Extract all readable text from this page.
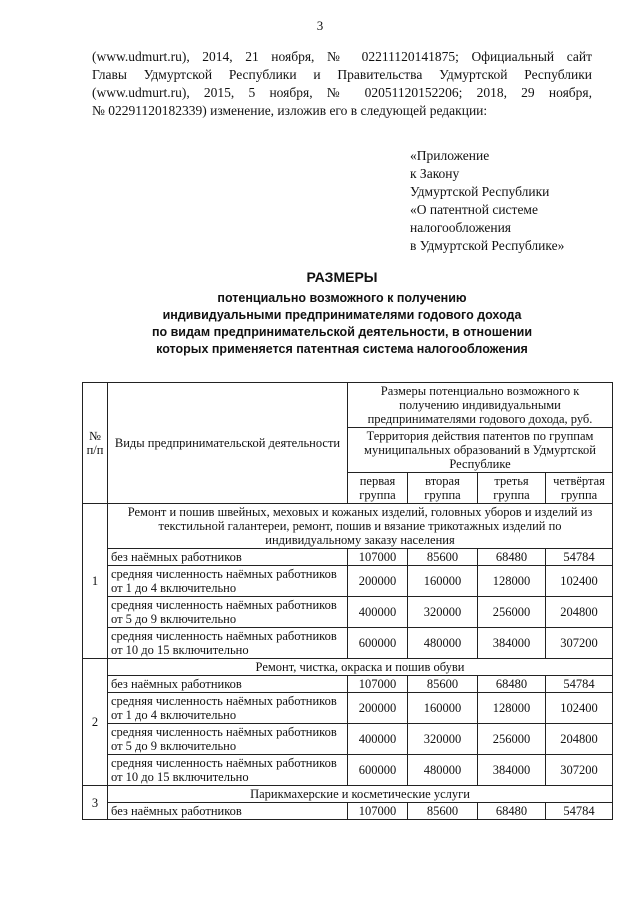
3
(www.udmurt.ru), 2014, 21 ноября, № 02211120141875; Официальный сайт
Главы Удмуртской Республики и Правительства Удмуртской Республики
(www.udmurt.ru), 2015, 5 ноября, № 02051120152206; 2018, 29 ноября,
№ 02291120182339) изменение, изложив его в следующей редакции:
«Приложение
к Закону
Удмуртской Республики
«О патентной системе
налогообложения
в Удмуртской Республике»
РАЗМЕРЫ
потенциально возможного к получению
индивидуальными предпринимателями годового дохода
по видам предпринимательской деятельности, в отношении
которых применяется патентная система налогообложения
№ п/п	Виды предпринимательской деятельности	Размеры потенциально возможного к получению индивидуальными предпринимателями годового дохода, руб.			
		Территория действия патентов по группам муниципальных образований в Удмуртской Республике			
		первая группа	вторая группа	третья группа	четвёртая группа
1	Ремонт и пошив швейных, меховых и кожаных изделий, головных уборов и изделий из текстильной галантереи, ремонт, пошив и вязание трикотажных изделий по индивидуальному заказу населения				
	без наёмных работников	107000	85600	68480	54784
	средняя численность наёмных работников от 1 до 4 включительно	200000	160000	128000	102400
	средняя численность наёмных работников от 5 до 9 включительно	400000	320000	256000	204800
	средняя численность наёмных работников от 10 до 15 включительно	600000	480000	384000	307200
2	Ремонт, чистка, окраска и пошив обуви				
	без наёмных работников	107000	85600	68480	54784
	средняя численность наёмных работников от 1 до 4 включительно	200000	160000	128000	102400
	средняя численность наёмных работников от 5 до 9 включительно	400000	320000	256000	204800
	средняя численность наёмных работников от 10 до 15 включительно	600000	480000	384000	307200
3	Парикмахерские и косметические услуги				
	без наёмных работников	107000	85600	68480	54784
